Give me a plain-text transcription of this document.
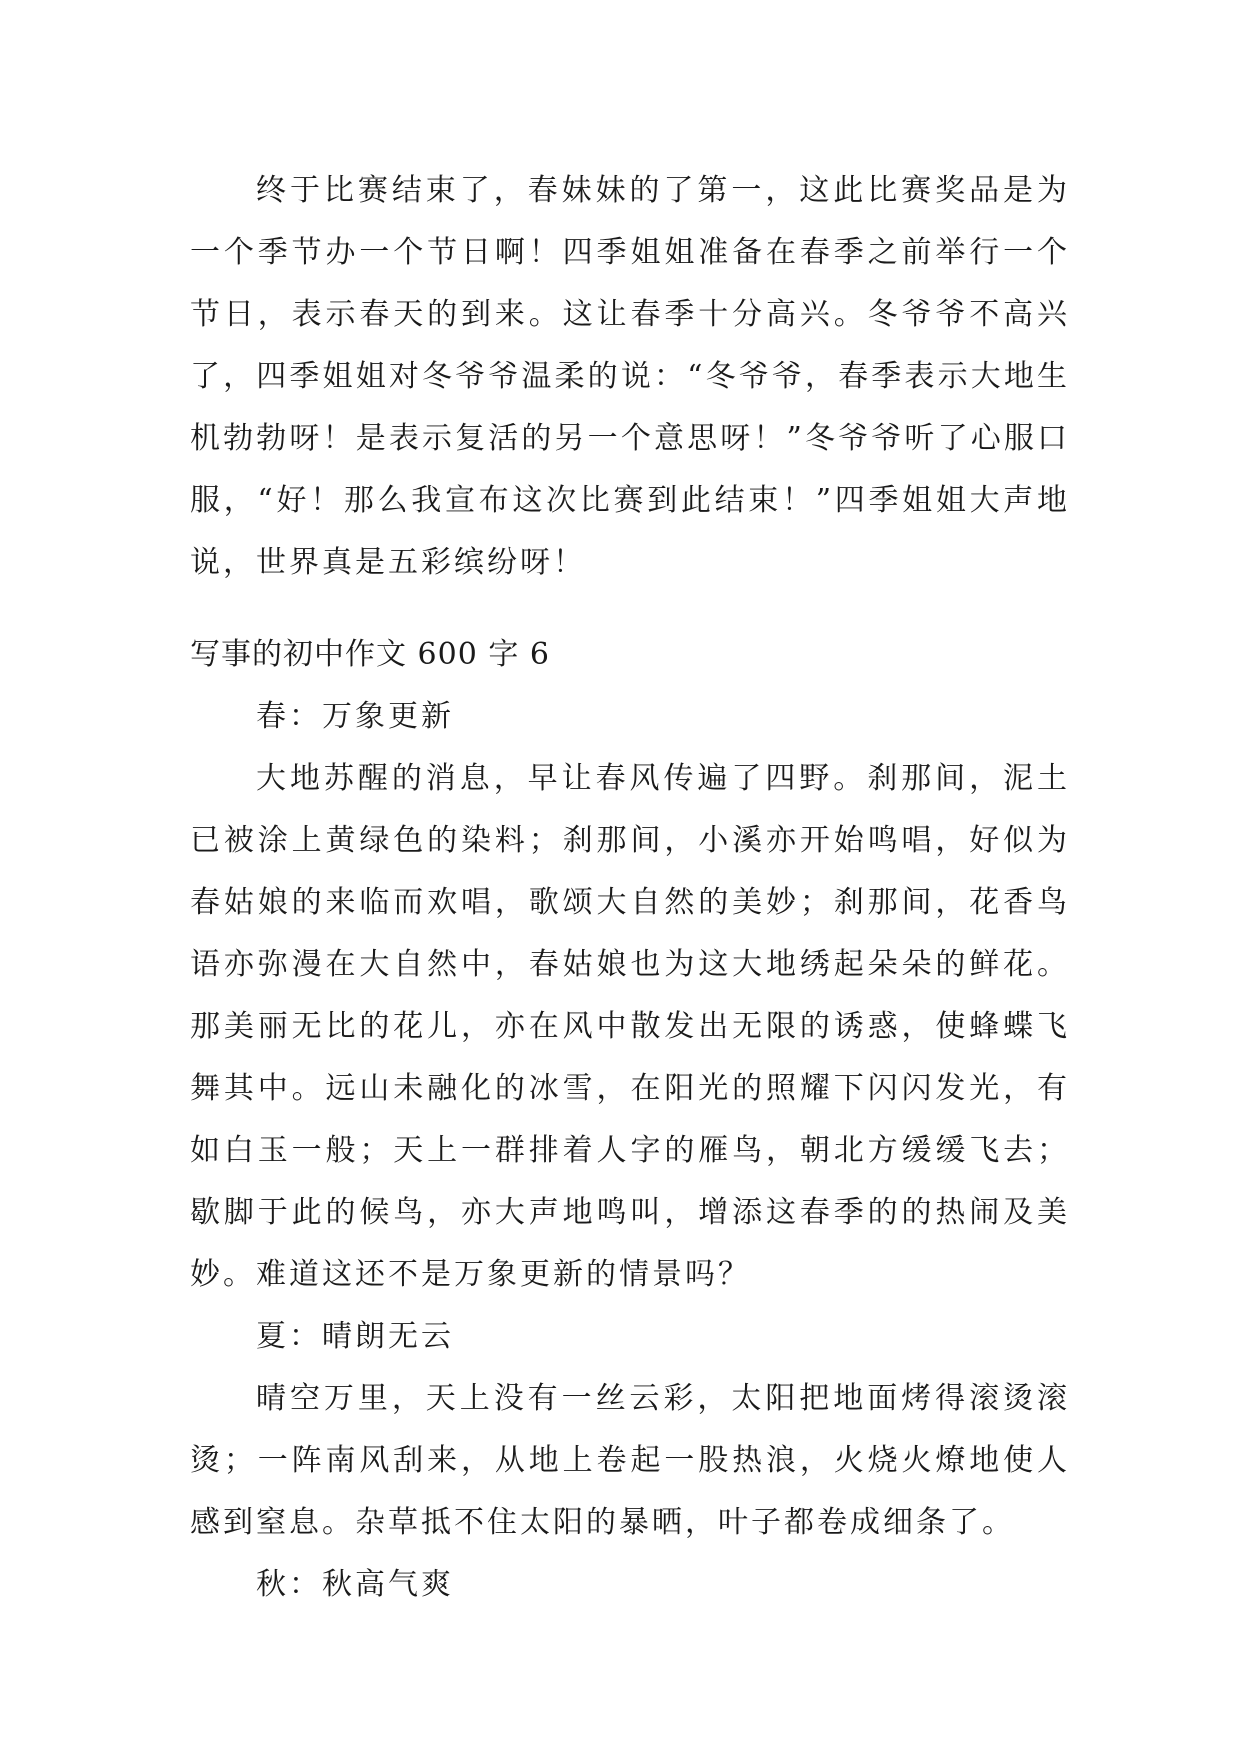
终于比赛结束了，春妹妹的了第一，这此比赛奖品是为一个季节办一个节日啊！四季姐姐准备在春季之前举行一个节日，表示春天的到来。这让春季十分高兴。冬爷爷不高兴了，四季姐姐对冬爷爷温柔的说：“冬爷爷，春季表示大地生机勃勃呀！是表示复活的另一个意思呀！”冬爷爷听了心服口服，“好！那么我宣布这次比赛到此结束！”四季姐姐大声地说，世界真是五彩缤纷呀！

写事的初中作文 600 字 6

春：万象更新

大地苏醒的消息，早让春风传遍了四野。刹那间，泥土已被涂上黄绿色的染料；刹那间，小溪亦开始鸣唱，好似为春姑娘的来临而欢唱，歌颂大自然的美妙；刹那间，花香鸟语亦弥漫在大自然中，春姑娘也为这大地绣起朵朵的鲜花。那美丽无比的花儿，亦在风中散发出无限的诱惑，使蜂蝶飞舞其中。远山未融化的冰雪，在阳光的照耀下闪闪发光，有如白玉一般；天上一群排着人字的雁鸟，朝北方缓缓飞去；歇脚于此的候鸟，亦大声地鸣叫，增添这春季的的热闹及美妙。难道这还不是万象更新的情景吗？

夏：晴朗无云

晴空万里，天上没有一丝云彩，太阳把地面烤得滚烫滚烫；一阵南风刮来，从地上卷起一股热浪，火烧火燎地使人感到窒息。杂草抵不住太阳的暴晒，叶子都卷成细条了。

秋：秋高气爽
